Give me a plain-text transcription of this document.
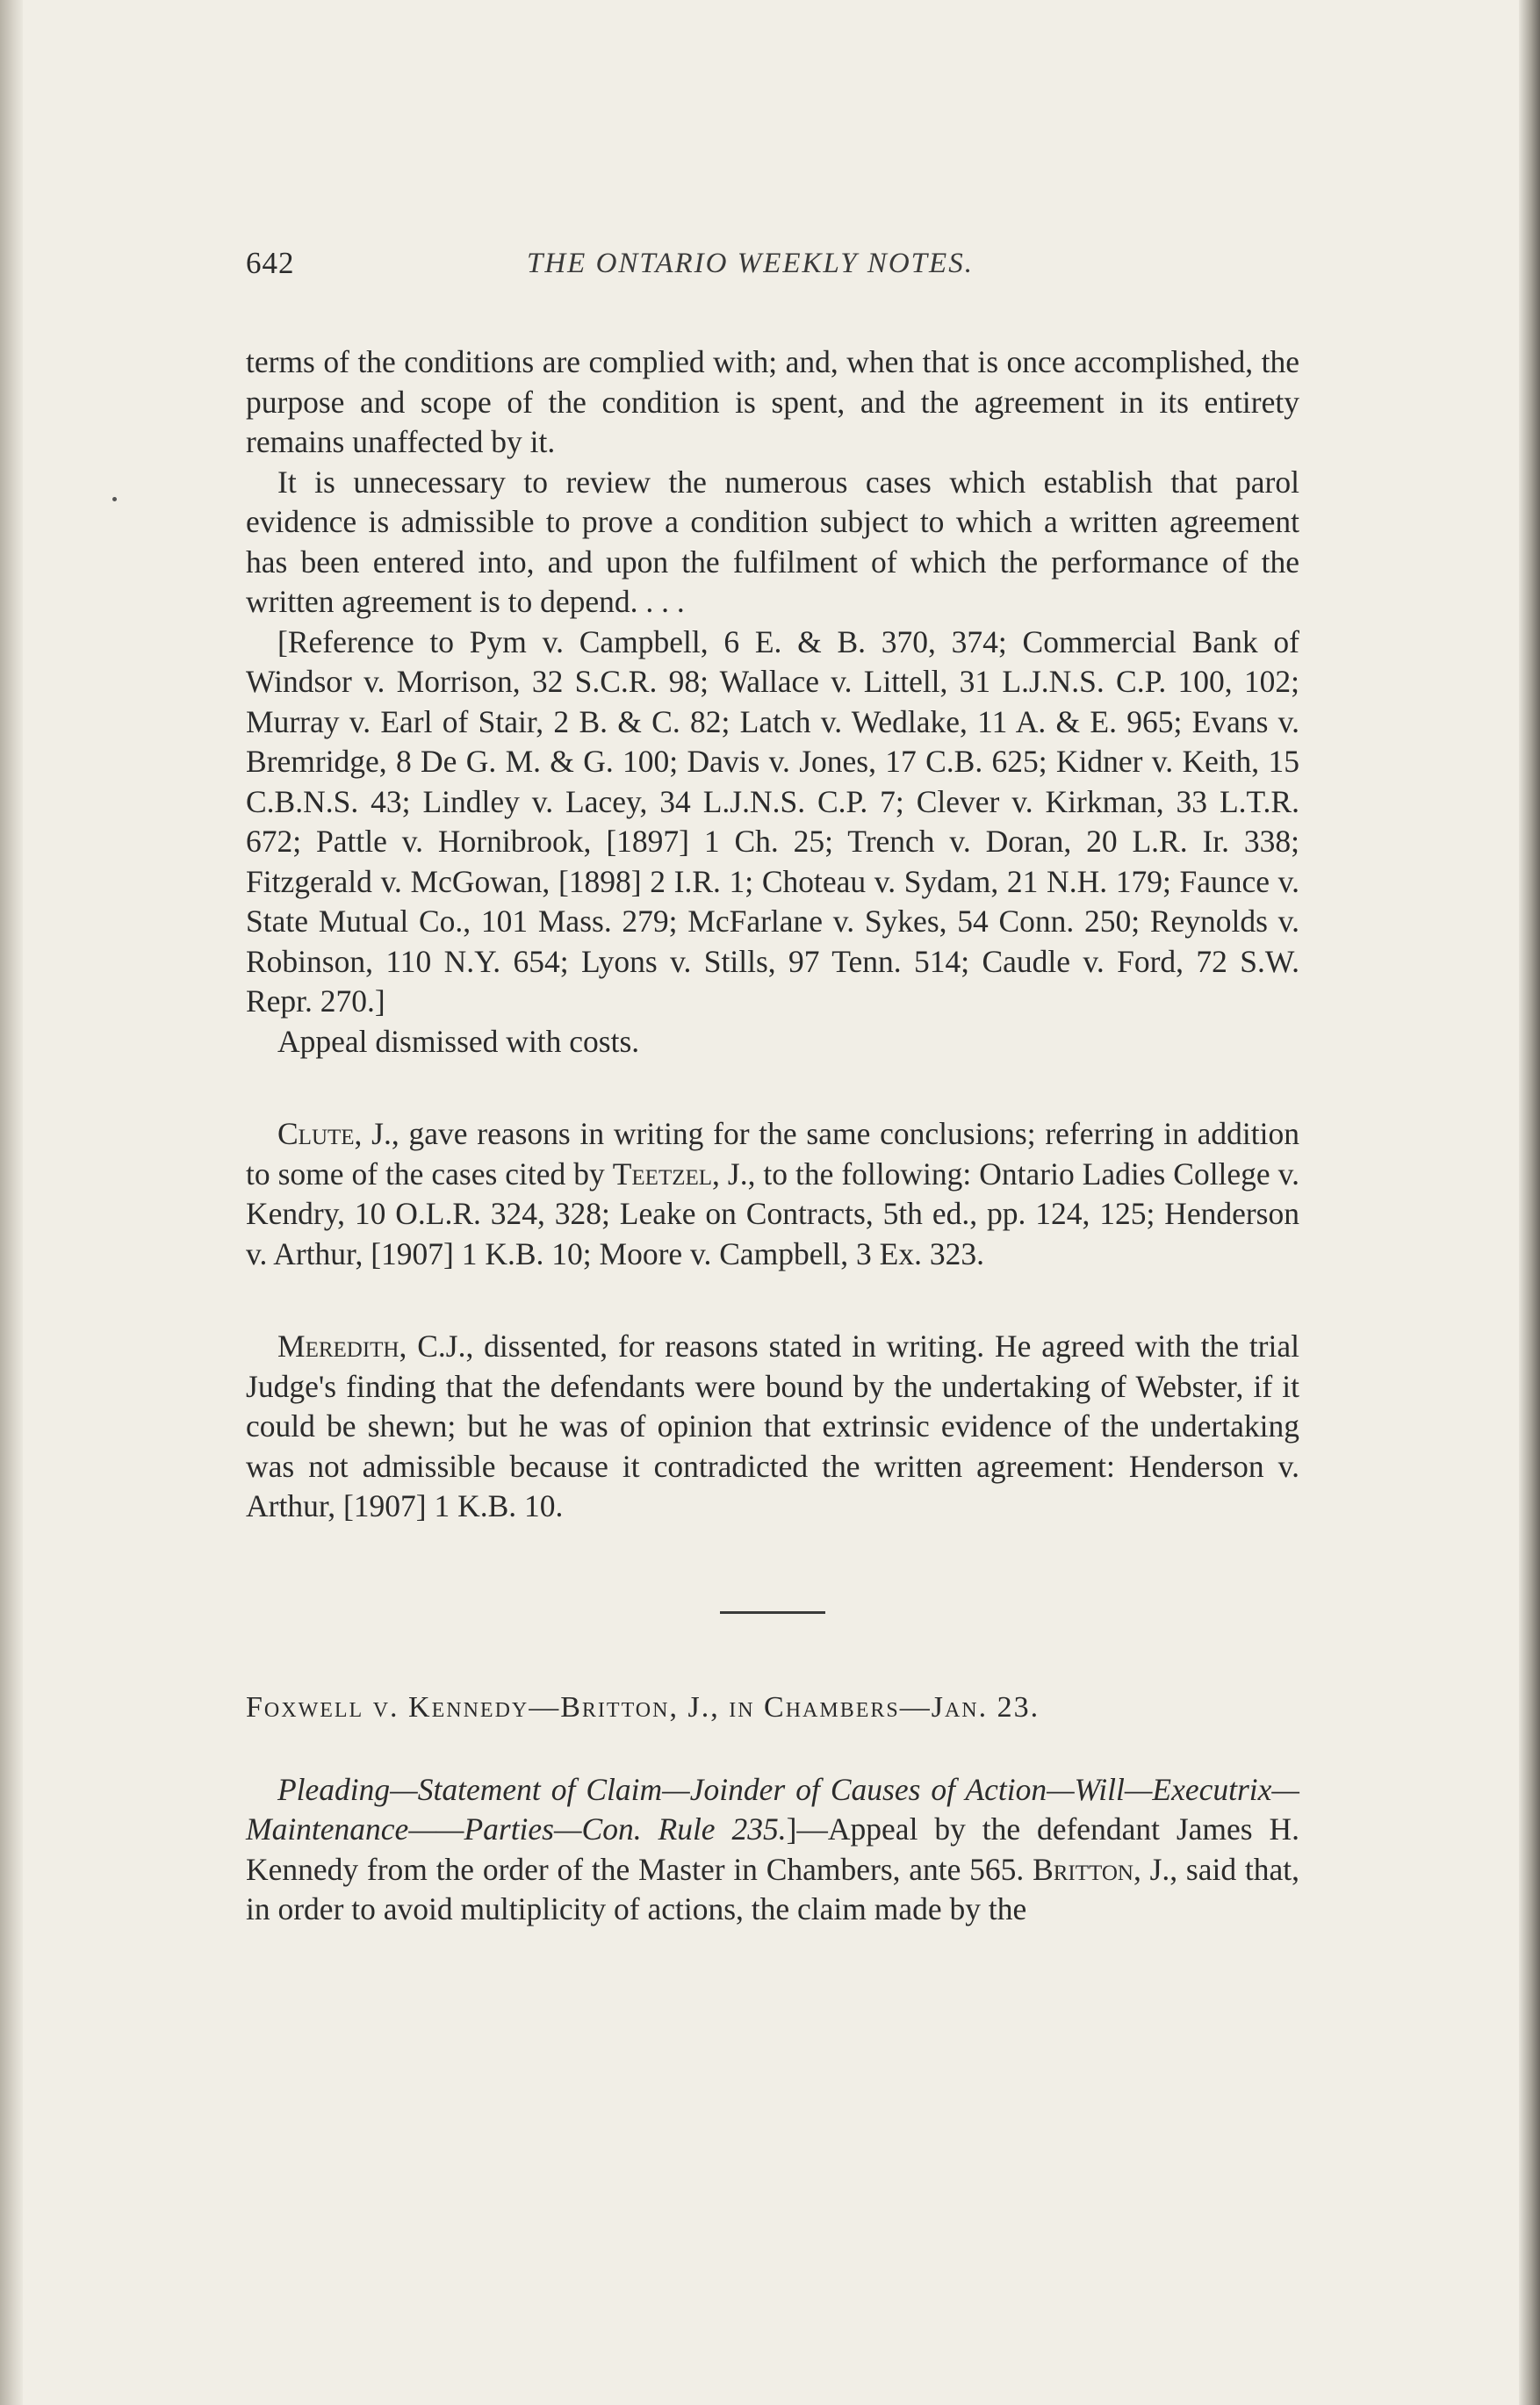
642	THE ONTARIO WEEKLY NOTES.

terms of the conditions are complied with; and, when that is once accomplished, the purpose and scope of the condition is spent, and the agreement in its entirety remains unaffected by it.

It is unnecessary to review the numerous cases which establish that parol evidence is admissible to prove a condition subject to which a written agreement has been entered into, and upon the fulfilment of which the performance of the written agreement is to depend. . . .

[Reference to Pym v. Campbell, 6 E. & B. 370, 374; Commercial Bank of Windsor v. Morrison, 32 S.C.R. 98; Wallace v. Littell, 31 L.J.N.S. C.P. 100, 102; Murray v. Earl of Stair, 2 B. & C. 82; Latch v. Wedlake, 11 A. & E. 965; Evans v. Bremridge, 8 De G. M. & G. 100; Davis v. Jones, 17 C.B. 625; Kidner v. Keith, 15 C.B.N.S. 43; Lindley v. Lacey, 34 L.J.N.S. C.P. 7; Clever v. Kirkman, 33 L.T.R. 672; Pattle v. Hornibrook, [1897] 1 Ch. 25; Trench v. Doran, 20 L.R. Ir. 338; Fitzgerald v. McGowan, [1898] 2 I.R. 1; Choteau v. Sydam, 21 N.H. 179; Faunce v. State Mutual Co., 101 Mass. 279; McFarlane v. Sykes, 54 Conn. 250; Reynolds v. Robinson, 110 N.Y. 654; Lyons v. Stills, 97 Tenn. 514; Caudle v. Ford, 72 S.W. Repr. 270.]

Appeal dismissed with costs.

Clute, J., gave reasons in writing for the same conclusions; referring in addition to some of the cases cited by Teetzel, J., to the following: Ontario Ladies College v. Kendry, 10 O.L.R. 324, 328; Leake on Contracts, 5th ed., pp. 124, 125; Henderson v. Arthur, [1907] 1 K.B. 10; Moore v. Campbell, 3 Ex. 323.

Meredith, C.J., dissented, for reasons stated in writing. He agreed with the trial Judge's finding that the defendants were bound by the undertaking of Webster, if it could be shewn; but he was of opinion that extrinsic evidence of the undertaking was not admissible because it contradicted the written agreement: Henderson v. Arthur, [1907] 1 K.B. 10.

Foxwell v. Kennedy—Britton, J., in Chambers—Jan. 23.

Pleading—Statement of Claim—Joinder of Causes of Action—Will—Executrix—Maintenance——Parties—Con. Rule 235.]—Appeal by the defendant James H. Kennedy from the order of the Master in Chambers, ante 565. Britton, J., said that, in order to avoid multiplicity of actions, the claim made by the
